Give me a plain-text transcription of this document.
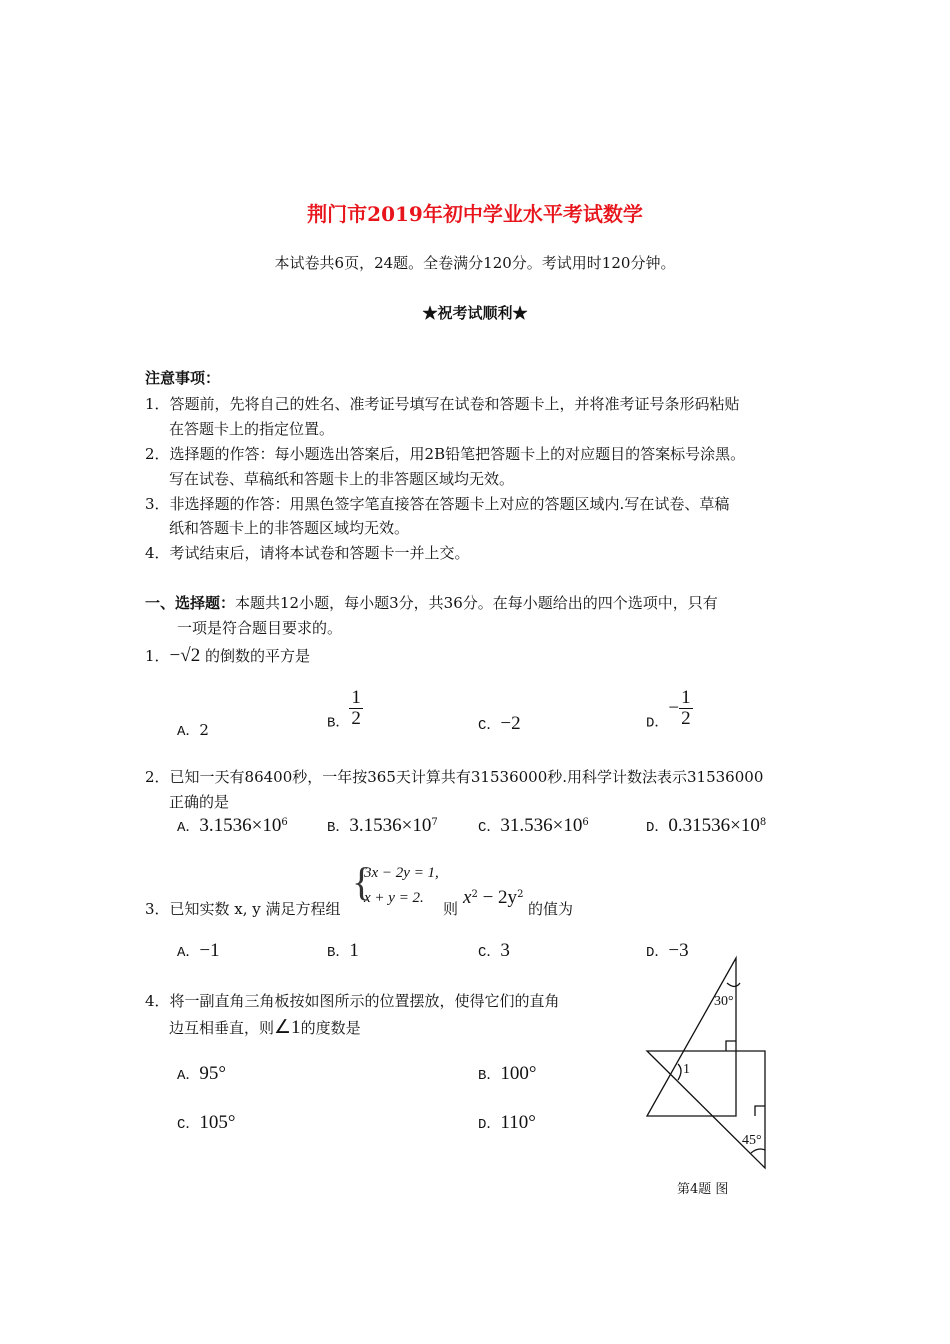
荆门市2019年初中学业水平考试数学
本试卷共6页，24题。全卷满分120分。考试用时120分钟。
★祝考试顺利★
注意事项：
1．答题前，先将自己的姓名、准考证号填写在试卷和答题卡上，并将准考证号条形码粘贴
在答题卡上的指定位置。
2．选择题的作答：每小题选出答案后，用2B铅笔把答题卡上的对应题目的答案标号涂黑。
写在试卷、草稿纸和答题卡上的非答题区域均无效。
3．非选择题的作答：用黑色签字笔直接答在答题卡上对应的答题区域内.写在试卷、草稿
纸和答题卡上的非答题区域均无效。
4．考试结束后，请将本试卷和答题卡一并上交。
一、选择题：本题共12小题，每小题3分，共36分。在每小题给出的四个选项中，只有
一项是符合题目要求的。
1．−√2 的倒数的平方是
A．2	B． $\frac{1}{2}$	C．−2	D．− $\frac{1}{2}$
2．已知一天有86400秒，一年按365天计算共有31536000秒.用科学计数法表示31536000
正确的是
A．$3.1536\times 10^6$	B．$3.1536\times 10^7$	C．$31.536\times 10^6$	D．$0.31536\times 10^8$
3．已知实数 x, y 满足方程组
{
3x − 2y = 1,
x + y = 2.
则
$x^2 - 2y^2$
的值为
A．−1	B．1	C．3	D．−3
4．将一副直角三角板按如图所示的位置摆放，使得它们的直角
边互相垂直，则∠1的度数是
A．95°	B．100°
C．105°	D．110°
30°
45°
1
第4题 图
